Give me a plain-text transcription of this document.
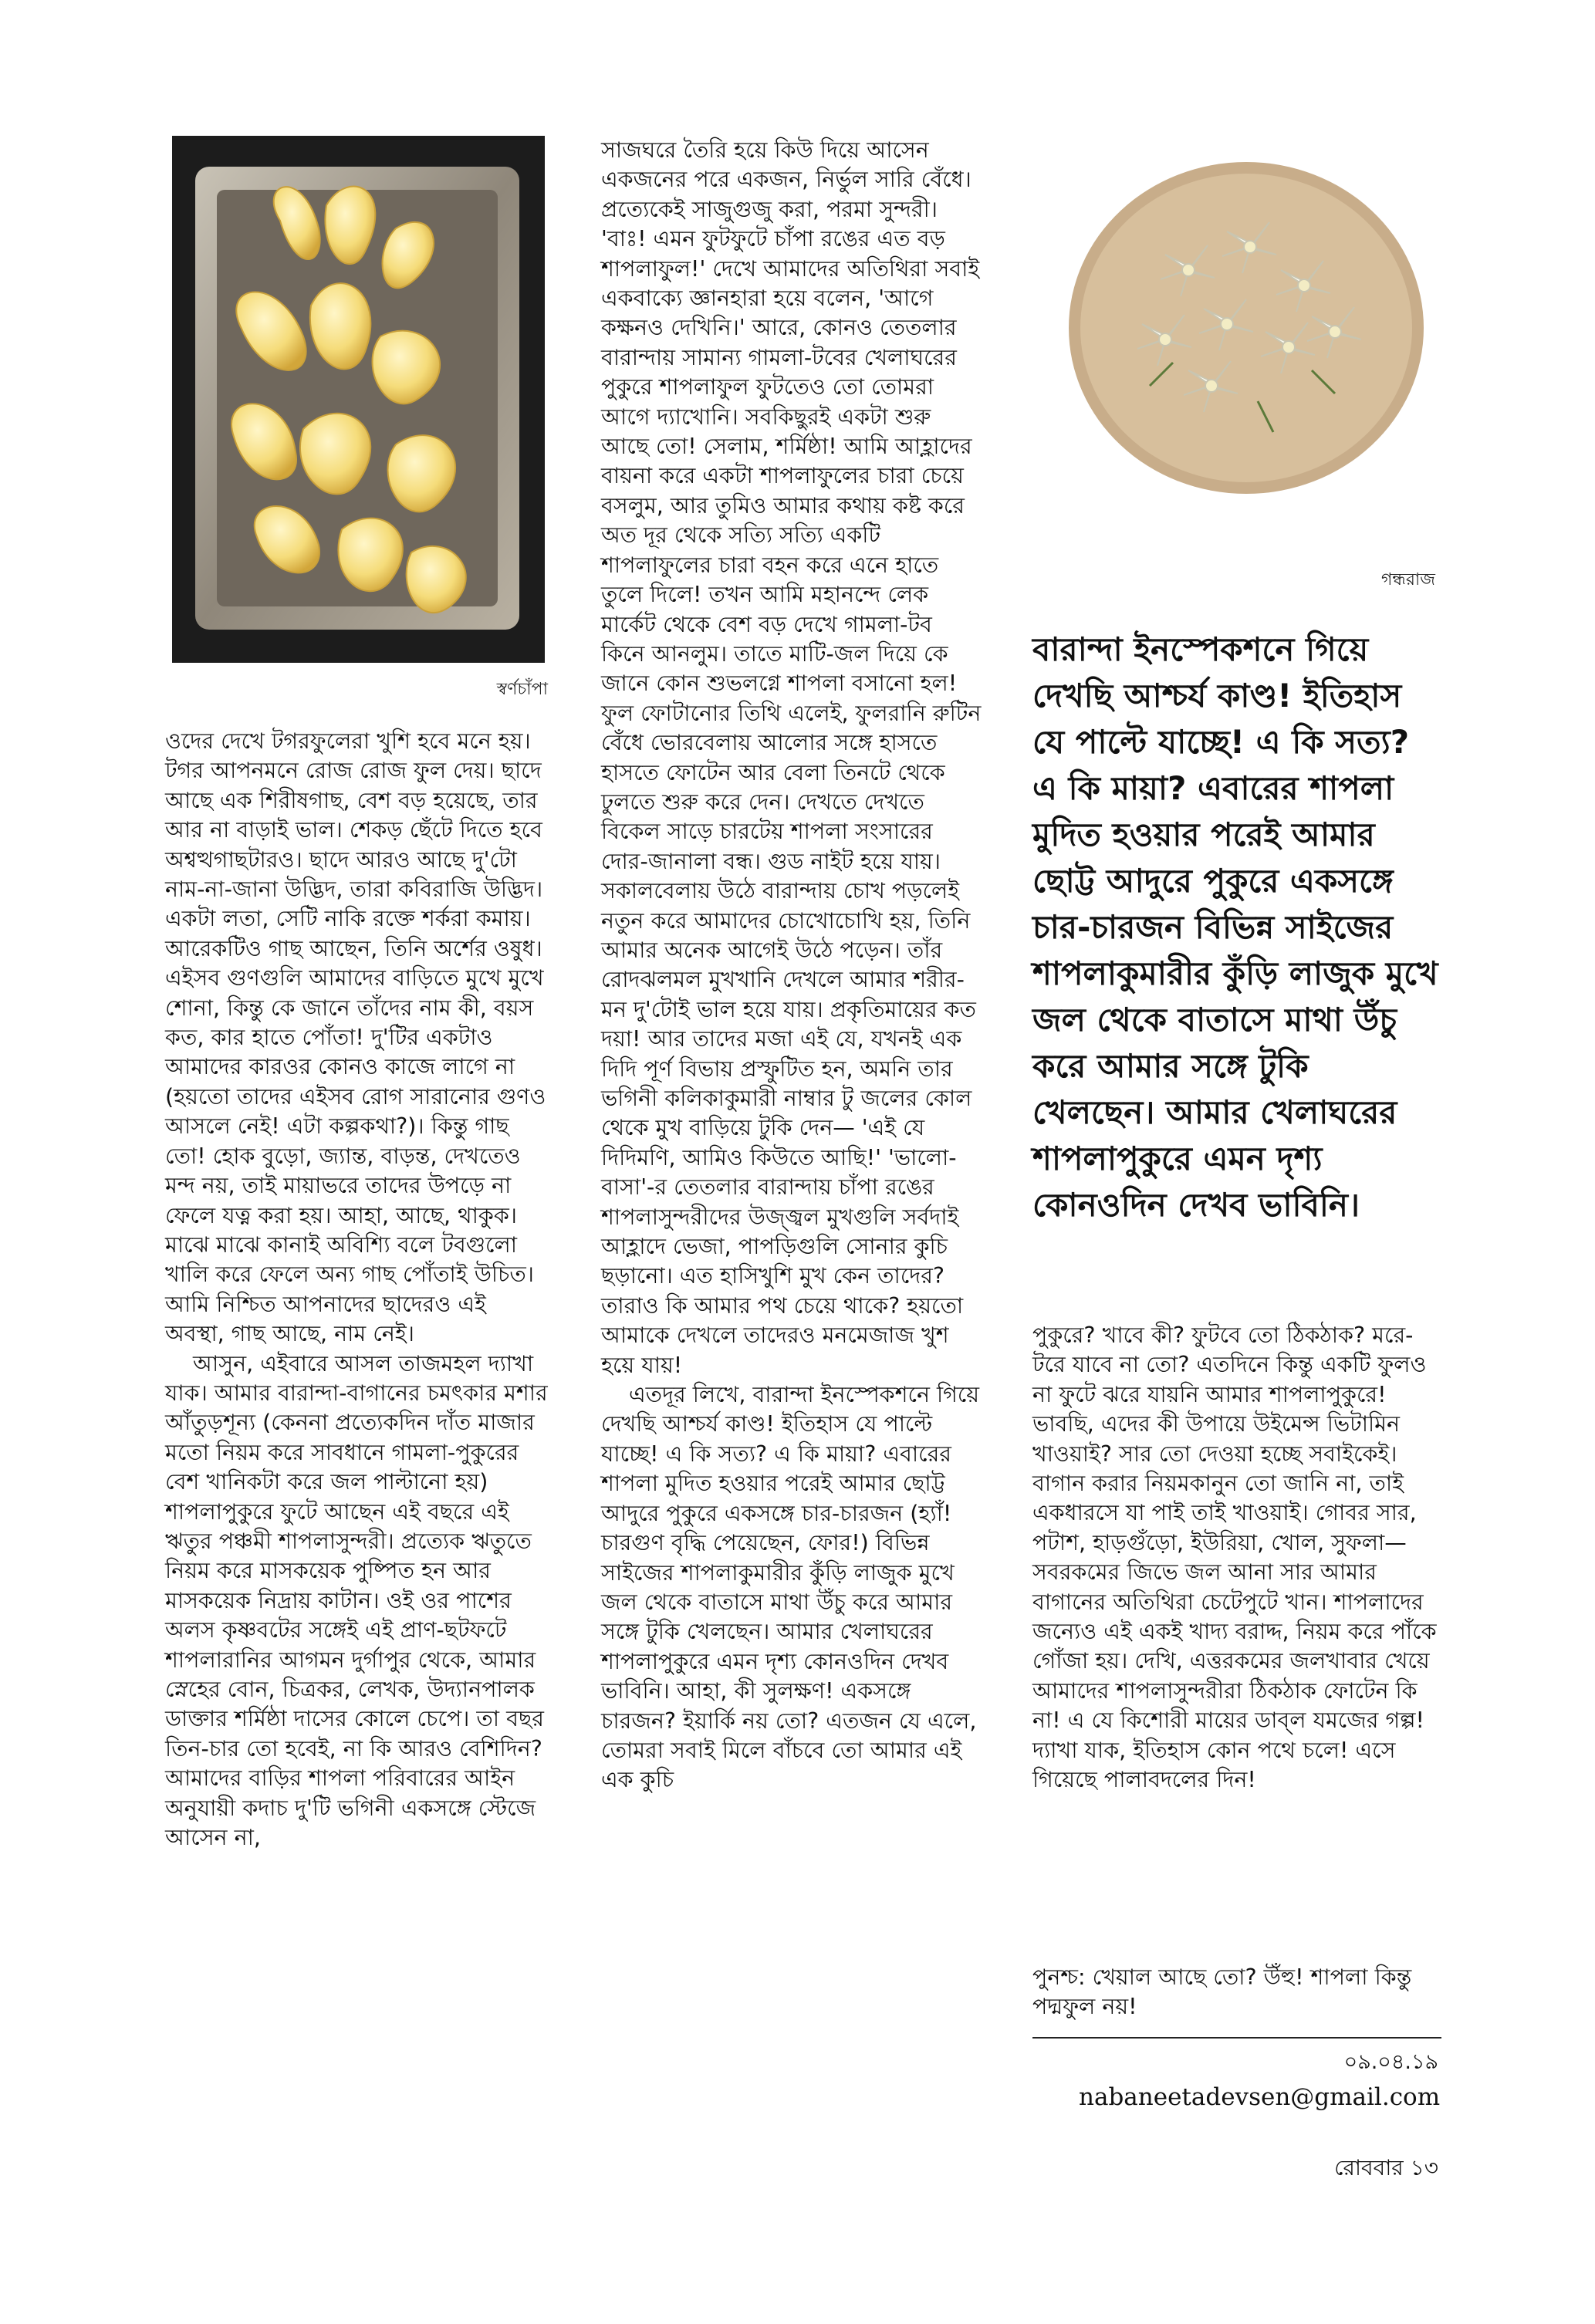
স্বর্ণচাঁপা

ওদের দেখে টগরফুলেরা খুশি হবে মনে হয়। টগর আপনমনে রোজ রোজ ফুল দেয়। ছাদে আছে এক শিরীষগাছ, বেশ বড় হয়েছে, তার আর না বাড়াই ভাল। শেকড় ছেঁটে দিতে হবে অশ্বত্থগাছটারও। ছাদে আরও আছে দু'টো নাম-না-জানা উদ্ভিদ, তারা কবিরাজি উদ্ভিদ। একটা লতা, সেটি নাকি রক্তে শর্করা কমায়। আরেকটিও গাছ আছেন, তিনি অর্শের ওষুধ। এইসব গুণগুলি আমাদের বাড়িতে মুখে মুখে শোনা, কিন্তু কে জানে তাঁদের নাম কী, বয়স কত, কার হাতে পোঁতা! দু'টির একটাও আমাদের কারওর কোনও কাজে লাগে না (হয়তো তাদের এইসব রোগ সারানোর গুণও আসলে নেই! এটা কল্পকথা?)। কিন্তু গাছ তো! হোক বুড়ো, জ্যান্ত, বাড়ন্ত, দেখতেও মন্দ নয়, তাই মায়াভরে তাদের উপড়ে না ফেলে যত্ন করা হয়। আহা, আছে, থাকুক। মাঝে মাঝে কানাই অবিশ্যি বলে টবগুলো খালি করে ফেলে অন্য গাছ পোঁতাই উচিত। আমি নিশ্চিত আপনাদের ছাদেরও এই অবস্থা, গাছ আছে, নাম নেই।

আসুন, এইবারে আসল তাজমহল দ্যাখা যাক। আমার বারান্দা-বাগানের চমৎকার মশার আঁতুড়শূন্য (কেননা প্রত্যেকদিন দাঁত মাজার মতো নিয়ম করে সাবধানে গামলা-পুকুরের বেশ খানিকটা করে জল পাল্টানো হয়) শাপলাপুকুরে ফুটে আছেন এই বছরে এই ঋতুর পঞ্চমী শাপলাসুন্দরী। প্রত্যেক ঋতুতে নিয়ম করে মাসকয়েক পুষ্পিত হন আর মাসকয়েক নিদ্রায় কাটান। ওই ওর পাশের অলস কৃষ্ণবটের সঙ্গেই এই প্রাণ-ছটফটে শাপলারানির আগমন দুর্গাপুর থেকে, আমার স্নেহের বোন, চিত্রকর, লেখক, উদ্যানপালক ডাক্তার শর্মিষ্ঠা দাসের কোলে চেপে। তা বছর তিন-চার তো হবেই, না কি আরও বেশিদিন? আমাদের বাড়ির শাপলা পরিবারের আইন অনুযায়ী কদাচ দু'টি ভগিনী একসঙ্গে স্টেজে আসেন না,

সাজঘরে তৈরি হয়ে কিউ দিয়ে আসেন একজনের পরে একজন, নির্ভুল সারি বেঁধে। প্রত্যেকেই সাজুগুজু করা, পরমা সুন্দরী। 'বাঃ! এমন ফুটফুটে চাঁপা রঙের এত বড় শাপলাফুল!' দেখে আমাদের অতিথিরা সবাই একবাক্যে জ্ঞানহারা হয়ে বলেন, 'আগে কক্ষনও দেখিনি।' আরে, কোনও তেতলার বারান্দায় সামান্য গামলা-টবের খেলাঘরের পুকুরে শাপলাফুল ফুটতেও তো তোমরা আগে দ্যাখোনি। সবকিছুরই একটা শুরু আছে তো! সেলাম, শর্মিষ্ঠা! আমি আহ্লাদের বায়না করে একটা শাপলাফুলের চারা চেয়ে বসলুম, আর তুমিও আমার কথায় কষ্ট করে অত দূর থেকে সত্যি সত্যি একটি শাপলাফুলের চারা বহন করে এনে হাতে তুলে দিলে! তখন আমি মহানন্দে লেক মার্কেট থেকে বেশ বড় দেখে গামলা-টব কিনে আনলুম। তাতে মাটি-জল দিয়ে কে জানে কোন শুভলগ্নে শাপলা বসানো হল! ফুল ফোটানোর তিথি এলেই, ফুলরানি রুটিন বেঁধে ভোরবেলায় আলোর সঙ্গে হাসতে হাসতে ফোটেন আর বেলা তিনটে থেকে ঢুলতে শুরু করে দেন। দেখতে দেখতে বিকেল সাড়ে চারটেয় শাপলা সংসারের দোর-জানালা বন্ধ। গুড নাইট হয়ে যায়। সকালবেলায় উঠে বারান্দায় চোখ পড়লেই নতুন করে আমাদের চোখোচোখি হয়, তিনি আমার অনেক আগেই উঠে পড়েন। তাঁর রোদঝলমল মুখখানি দেখলে আমার শরীর-মন দু'টোই ভাল হয়ে যায়। প্রকৃতিমায়ের কত দয়া! আর তাদের মজা এই যে, যখনই এক দিদি পূর্ণ বিভায় প্রস্ফুটিত হন, অমনি তার ভগিনী কলিকাকুমারী নাম্বার টু জলের কোল থেকে মুখ বাড়িয়ে টুকি দেন— 'এই যে দিদিমণি, আমিও কিউতে আছি!' 'ভালো-বাসা'-র তেতলার বারান্দায় চাঁপা রঙের শাপলাসুন্দরীদের উজ্জ্বল মুখগুলি সর্বদাই আহ্লাদে ভেজা, পাপড়িগুলি সোনার কুচি ছড়ানো। এত হাসিখুশি মুখ কেন তাদের? তারাও কি আমার পথ চেয়ে থাকে? হয়তো আমাকে দেখলে তাদেরও মনমেজাজ খুশ হয়ে যায়!

এতদূর লিখে, বারান্দা ইনস্পেকশনে গিয়ে দেখছি আশ্চর্য কাণ্ড! ইতিহাস যে পাল্টে যাচ্ছে! এ কি সত্য? এ কি মায়া? এবারের শাপলা মুদিত হওয়ার পরেই আমার ছোট্ট আদুরে পুকুরে একসঙ্গে চার-চারজন (হ্যাঁ! চারগুণ বৃদ্ধি পেয়েছেন, ফোর!) বিভিন্ন সাইজের শাপলাকুমারীর কুঁড়ি লাজুক মুখে জল থেকে বাতাসে মাথা উঁচু করে আমার সঙ্গে টুকি খেলছেন। আমার খেলাঘরের শাপলাপুকুরে এমন দৃশ্য কোনওদিন দেখব ভাবিনি। আহা, কী সুলক্ষণ! একসঙ্গে চারজন? ইয়ার্কি নয় তো? এতজন যে এলে, তোমরা সবাই মিলে বাঁচবে তো আমার এই এক কুচি

গন্ধরাজ
বারান্দা ইনস্পেকশনে গিয়ে দেখছি আশ্চর্য কাণ্ড! ইতিহাস যে পাল্টে যাচ্ছে! এ কি সত্য? এ কি মায়া? এবারের শাপলা মুদিত হওয়ার পরেই আমার ছোট্ট আদুরে পুকুরে একসঙ্গে চার-চারজন বিভিন্ন সাইজের শাপলাকুমারীর কুঁড়ি লাজুক মুখে জল থেকে বাতাসে মাথা উঁচু করে আমার সঙ্গে টুকি খেলছেন। আমার খেলাঘরের শাপলাপুকুরে এমন দৃশ্য কোনওদিন দেখব ভাবিনি।

পুকুরে? খাবে কী? ফুটবে তো ঠিকঠাক? মরে-টরে যাবে না তো? এতদিনে কিন্তু একটি ফুলও না ফুটে ঝরে যায়নি আমার শাপলাপুকুরে! ভাবছি, এদের কী উপায়ে উইমেন্স ভিটামিন খাওয়াই? সার তো দেওয়া হচ্ছে সবাইকেই। বাগান করার নিয়মকানুন তো জানি না, তাই একধারসে যা পাই তাই খাওয়াই। গোবর সার, পটাশ, হাড়গুঁড়ো, ইউরিয়া, খোল, সুফলা— সবরকমের জিভে জল আনা সার আমার বাগানের অতিথিরা চেটেপুটে খান। শাপলাদের জন্যেও এই একই খাদ্য বরাদ্দ, নিয়ম করে পাঁকে গোঁজা হয়। দেখি, এত্তরকমের জলখাবার খেয়ে আমাদের শাপলাসুন্দরীরা ঠিকঠাক ফোটেন কি না! এ যে কিশোরী মায়ের ডাব্‌ল যমজের গল্প! দ্যাখা যাক, ইতিহাস কোন পথে চলে! এসে গিয়েছে পালাবদলের দিন!

পুনশ্চ: খেয়াল আছে তো? উঁহু! শাপলা কিন্তু পদ্মফুল নয়!
০৯.০৪.১৯
nabaneetadevsen@gmail.com
রোববার ১৩
